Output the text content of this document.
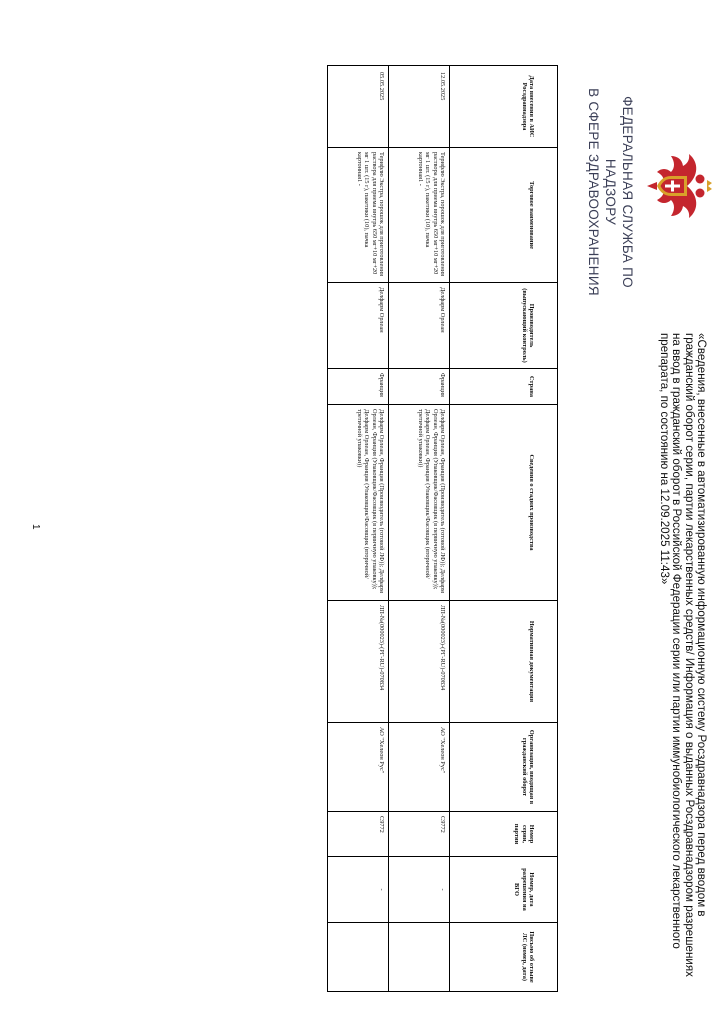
ФЕДЕРАЛЬНАЯ СЛУЖБА ПО НАДЗОРУ
В СФЕРЕ ЗДРАВООХРАНЕНИЯ
«Сведения, внесенные в автоматизированную информационную систему Росздравнадзора перед вводом в
гражданский оборот серии, партии лекарственных средств/ Информация о выданных Росздравнадзором разрешениях
на ввод в гражданский оборот в Российской Федерации серии или партии иммунобиологического лекарственного
препарата, по состоянию на 12.09.2025 11:43»
Дата внесения в АИС Росздравнадзора	Торговое наименование	Производитель (выпускающий контроль)	Страна	Сведения о стадиях производства	Нормативная документация	Организация, вводящая в гражданский оборот	Номер серии, партии	Номер, дата разрешения на ВГО	Письмо об отзыве ЛС (номер, дата)
12.05.2025	Терифлю Экстра, порошок для приготовления раствора для приема внутрь 650 мг+10 мг+20 мг 1 шт. (15 г), пакетики (10), пачка картонная1 -	Делфарм Орлеан	Франция	Делфарм Орлеан, Франция (Производитель (готовой ЛФ)); Делфарм Орлеан, Франция (Упаковщик/Фасовщик (в первичную упаковку)); Делфарм Орлеан, Франция (Упаковщик/Фасовщик (вторичной/третичной упаковки))	ЛП-№(000023)-(РГ-RU)-070834	АО "Хелеон Рус"	C9772	-	
05.05.2025	Терифлю Экстра, порошок для приготовления раствора для приема внутрь 650 мг+10 мг+20 мг 1 шт. (15 г), пакетики (10), пачка картонная1 -	Делфарм Орлеан	Франция	Делфарм Орлеан, Франция (Производитель (готовой ЛФ)); Делфарм Орлеан, Франция (Упаковщик/Фасовщик (в первичную упаковку)); Делфарм Орлеан, Франция (Упаковщик/Фасовщик (вторичной/третичной упаковки))	ЛП-№(000023)-(РГ-RU)-070834	АО "Хелеон Рус"	C9772	-	
1
